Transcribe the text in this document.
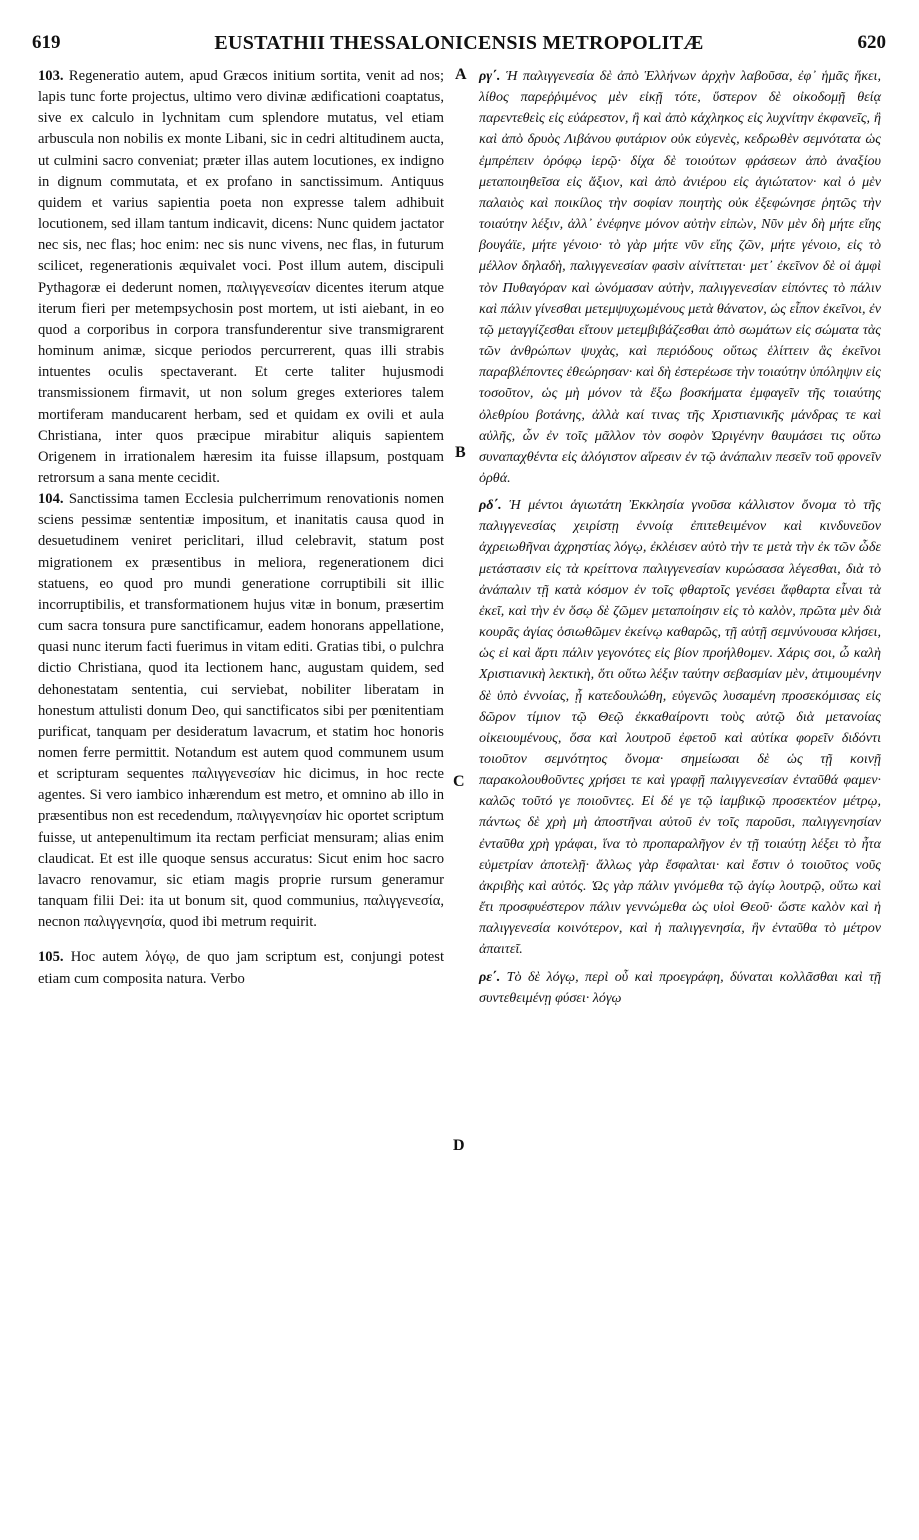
619	EUSTATHII THESSALONICENSIS METROPOLITÆ	620
A
B
C
D

103. Regeneratio autem, apud Græcos initium sortita, venit ad nos; lapis tunc forte projectus, ultimo vero divinæ ædificationi coaptatus, sive ex calculo in lychnitam cum splendore mutatus, vel etiam arbuscula non nobilis ex monte Libani, sic in cedri altitudinem aucta, ut culmini sacro conveniat; præter illas autem locutiones, ex indigno in dignum commutata, et ex profano in sanctissimum. Antiquus quidem et varius sapientia poeta non expresse talem adhibuit locutionem, sed illam tantum indicavit, dicens: Nunc quidem jactator nec sis, nec flas; hoc enim: nec sis nunc vivens, nec flas, in futurum scilicet, regenerationis æquivalet voci. Post illum autem, discipuli Pythagoræ ei dederunt nomen, παλιγγενεσίαν dicentes iterum atque iterum fieri per metempsychosin post mortem, ut isti aiebant, in eo quod a corporibus in corpora transfunderentur sive transmigrarent hominum animæ, sicque periodos percurrerent, quas illi strabis intuentes oculis spectaverant. Et certe taliter hujusmodi transmissionem firmavit, ut non solum greges exteriores talem mortiferam manducarent herbam, sed et quidam ex ovili et aula Christiana, inter quos præcipue mirabitur aliquis sapientem Origenem in irrationalem hæresim ita fuisse illapsum, postquam retrorsum a sana mente cecidit.

104. Sanctissima tamen Ecclesia pulcherrimum renovationis nomen sciens pessimæ sententiæ impositum, et inanitatis causa quod in desuetudinem veniret periclitari, illud celebravit, statum post migrationem ex præsentibus in meliora, regenerationem dici statuens, eo quod pro mundi generatione corruptibili sit illic incorruptibilis, et transformationem hujus vitæ in bonum, præsertim cum sacra tonsura pure sanctificamur, eadem honorans appellatione, quasi nunc iterum facti fuerimus in vitam editi. Gratias tibi, o pulchra dictio Christiana, quod ita lectionem hanc, augustam quidem, sed dehonestatam sententia, cui serviebat, nobiliter liberatam in honestum attulisti donum Deo, qui sanctificatos sibi per pœnitentiam purificat, tanquam per desideratum lavacrum, et statim hoc honoris nomen ferre permittit. Notandum est autem quod communem usum et scripturam sequentes παλιγγενεσίαν hic dicimus, in hoc recte agentes. Si vero iambico inhærendum est metro, et omnino ab illo in præsentibus non est recedendum, παλιγγενησίαν hic oportet scriptum fuisse, ut antepenultimum ita rectam perficiat mensuram; alias enim claudicat. Et est ille quoque sensus accuratus: Sicut enim hoc sacro lavacro renovamur, sic etiam magis proprie rursum generamur tanquam filii Dei: ita ut bonum sit, quod communius, παλιγγενεσία, necnon παλιγγενησία, quod ibi metrum requirit.

105. Hoc autem λόγῳ, de quo jam scriptum est, conjungi potest etiam cum composita natura. Verbo

ργ΄. Ἡ παλιγγενεσία δὲ ἀπὸ Ἑλλήνων ἀρχὴν λαβοῦσα, ἐφ᾽ ἡμᾶς ἥκει, λίθος παρεῤῥιμένος μὲν εἰκῇ τότε, ὕστερον δὲ οἰκοδομῇ θείᾳ παρεντεθεὶς εἰς εὐάρεστον, ἢ καὶ ἀπὸ κάχληκος εἰς λυχνίτην ἐκφανεῖς, ἢ καὶ ἀπὸ δρυὸς Λιβάνου φυτάριον οὐκ εὐγενὲς, κεδρωθὲν σεμνότατα ὡς ἐμπρέπειν ὀρόφῳ ἱερῷ· δίχα δὲ τοιούτων φράσεων ἀπὸ ἀναξίου μεταποιηθεῖσα εἰς ἄξιον, καὶ ἀπὸ ἀνιέρου εἰς ἁγιώτατον· καὶ ὁ μὲν παλαιὸς καὶ ποικίλος τὴν σοφίαν ποιητὴς οὐκ ἐξεφώνησε ῥητῶς τὴν τοιαύτην λέξιν, ἀλλ᾽ ἐνέφηνε μόνον αὐτὴν εἰπὼν, Νῦν μὲν δὴ μήτε εἴης βουγάϊε, μήτε γένοιο· τὸ γὰρ μήτε νῦν εἴης ζῶν, μήτε γένοιο, εἰς τὸ μέλλον δηλαδὴ, παλιγγενεσίαν φασὶν αἰνίττεται· μετ᾽ ἐκεῖνον δὲ οἱ ἀμφὶ τὸν Πυθαγόραν καὶ ὠνόμασαν αὐτὴν, παλιγγενεσίαν εἰπόντες τὸ πάλιν καὶ πάλιν γίνεσθαι μετεμψυχωμένους μετὰ θάνατον, ὡς εἶπον ἐκεῖνοι, ἐν τῷ μεταγγίζεσθαι εἴτουν μετεμβιβάζεσθαι ἀπὸ σωμάτων εἰς σώματα τὰς τῶν ἀνθρώπων ψυχὰς, καὶ περιόδους οὕτως ἑλίττειν ἃς ἐκεῖνοι παραβλέποντες ἐθεώρησαν· καὶ δὴ ἐστερέωσε τὴν τοιαύτην ὑπόληψιν εἰς τοσοῦτον, ὡς μὴ μόνον τὰ ἔξω βοσκήματα ἐμφαγεῖν τῆς τοιαύτης ὀλεθρίου βοτάνης, ἀλλὰ καί τινας τῆς Χριστιανικῆς μάνδρας τε καὶ αὐλῆς, ὧν ἐν τοῖς μᾶλλον τὸν σοφὸν Ὠριγένην θαυμάσει τις οὕτω συναπαχθέντα εἰς ἀλόγιστον αἵρεσιν ἐν τῷ ἀνάπαλιν πεσεῖν τοῦ φρονεῖν ὀρθά.

ρδ΄. Ἡ μέντοι ἁγιωτάτη Ἐκκλησία γνοῦσα κάλλιστον ὄνομα τὸ τῆς παλιγγενεσίας χειρίστῃ ἐννοίᾳ ἐπιτεθειμένον καὶ κινδυνεῦον ἀχρειωθῆναι ἀχρηστίας λόγῳ, ἐκλέισεν αὐτὸ τὴν τε μετὰ τὴν ἐκ τῶν ὧδε μετάστασιν εἰς τὰ κρείττονα παλιγγενεσίαν κυρώσασα λέγεσθαι, διὰ τὸ ἀνάπαλιν τῇ κατὰ κόσμον ἐν τοῖς φθαρτοῖς γενέσει ἄφθαρτα εἶναι τὰ ἐκεῖ, καὶ τὴν ἐν ὅσῳ δὲ ζῶμεν μεταποίησιν εἰς τὸ καλὸν, πρῶτα μὲν διὰ κουρᾶς ἁγίας ὁσιωθῶμεν ἐκείνῳ καθαρῶς, τῇ αὐτῇ σεμνύνουσα κλήσει, ὡς εἰ καὶ ἄρτι πάλιν γεγονότες εἰς βίον προήλθομεν. Χάρις σοι, ὦ καλὴ Χριστιανικὴ λεκτικὴ, ὅτι οὕτω λέξιν ταύτην σεβασμίαν μὲν, ἀτιμουμένην δὲ ὑπὸ ἐννοίας, ᾗ κατεδουλώθη, εὐγενῶς λυσαμένη προσεκόμισας εἰς δῶρον τίμιον τῷ Θεῷ ἐκκαθαίροντι τοὺς αὐτῷ διὰ μετανοίας οἰκειουμένους, ὅσα καὶ λουτροῦ ἐφετοῦ καὶ αὐτίκα φορεῖν διδόντι τοιοῦτον σεμνότητος ὄνομα· σημείωσαι δὲ ὡς τῇ κοινῇ παρακολουθοῦντες χρήσει τε καὶ γραφῇ παλιγγενεσίαν ἐνταῦθά φαμεν· καλῶς τοῦτό γε ποιοῦντες. Εἰ δέ γε τῷ ἰαμβικῷ προσεκτέον μέτρῳ, πάντως δὲ χρὴ μὴ ἀποστῆναι αὐτοῦ ἐν τοῖς παροῦσι, παλιγγενησίαν ἐνταῦθα χρὴ γράφαι, ἵνα τὸ προπαραλῆγον ἐν τῇ τοιαύτῃ λέξει τὸ ἦτα εὐμετρίαν ἀποτελῇ· ἄλλως γὰρ ἔσφαλται· καὶ ἔστιν ὁ τοιοῦτος νοῦς ἀκριβὴς καὶ αὐτός. Ὡς γὰρ πάλιν γινόμεθα τῷ ἁγίῳ λουτρῷ, οὕτω καὶ ἔτι προσφυέστερον πάλιν γεννώμεθα ὡς υἱοὶ Θεοῦ· ὥστε καλὸν καὶ ἡ παλιγγενεσία κοινότερον, καὶ ἡ παλιγγενησία, ἣν ἐνταῦθα τὸ μέτρον ἀπαιτεῖ.

ρε΄. Τὸ δὲ λόγῳ, περὶ οὗ καὶ προεγράφη, δύναται κολλᾶσθαι καὶ τῇ συντεθειμένῃ φύσει· λόγῳ
